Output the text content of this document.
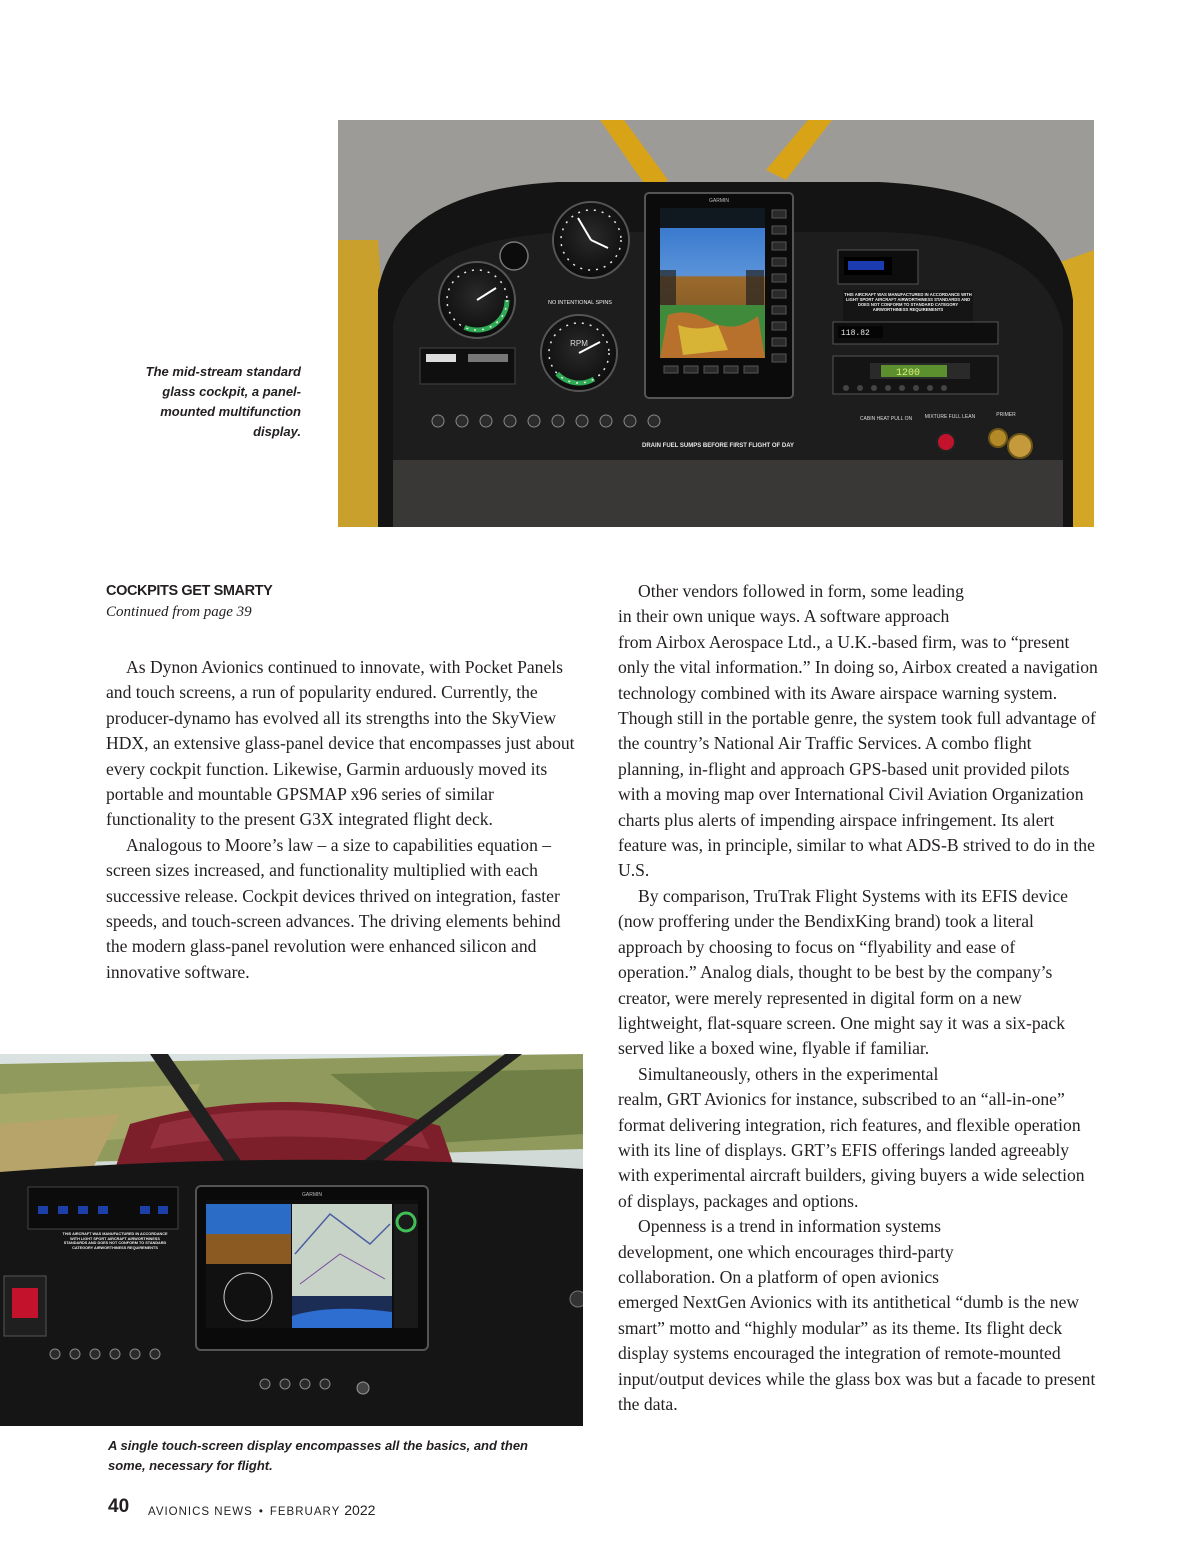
RPM
NO INTENTIONAL SPINS
GARMIN
THIS AIRCRAFT WAS MANUFACTURED IN ACCORDANCE WITH LIGHT SPORT AIRCRAFT AIRWORTHINESS STANDARDS AND DOES NOT CONFORM TO STANDARD CATEGORY AIRWORTHINESS REQUIREMENTS
118.82
1200
DRAIN FUEL SUMPS BEFORE FIRST FLIGHT OF DAY
CABIN HEAT PULL ON	MIXTURE FULL LEAN	PRIMER
The mid-stream standard glass cockpit, a panel-mounted multifunction display.
COCKPITS GET SMARTY
Continued from page 39

As Dynon Avionics continued to innovate, with Pocket Panels and touch screens, a run of popularity endured. Currently, the producer-dynamo has evolved all its strengths into the SkyView HDX, an extensive glass-panel device that encompasses just about every cockpit function. Likewise, Garmin arduously moved its portable and mountable GPSMAP x96 series of similar functionality to the present G3X integrated flight deck.

Analogous to Moore’s law – a size to capabilities equation – screen sizes increased, and functionality multiplied with each successive release. Cockpit devices thrived on integration, faster speeds, and touch-screen advances. The driving elements behind the modern glass-panel revolution were enhanced silicon and innovative software.

Other vendors followed in form, some leading
in their own unique ways. A software approach
from Airbox Aerospace Ltd., a U.K.-based firm, was to “present only the vital information.” In doing so, Airbox created a navigation technology combined with its Aware airspace warning system. Though still in the portable genre, the system took full advantage of the country’s National Air Traffic Services. A combo flight planning, in-flight and approach GPS-based unit provided pilots with a moving map over International Civil Aviation Organization charts plus alerts of impending airspace infringement. Its alert feature was, in principle, similar to what ADS-B strived to do in the U.S.

By comparison, TruTrak Flight Systems with its EFIS device (now proffering under the BendixKing brand) took a literal approach by choosing to focus on “flyability and ease of operation.” Analog dials, thought to be best by the company’s creator, were merely represented in digital form on a new lightweight, flat-square screen. One might say it was a six-pack served like a boxed wine, flyable if familiar.

Simultaneously, others in the experimental
realm, GRT Avionics for instance, subscribed to an “all-in-one” format delivering integration, rich features, and flexible operation with its line of displays. GRT’s EFIS offerings landed agreeably with experimental aircraft builders, giving buyers a wide selection of displays, packages and options.

Openness is a trend in information systems
development, one which encourages third-party
collaboration. On a platform of open avionics
emerged NextGen Avionics with its antithetical “dumb is the new smart” motto and “highly modular” as its theme. Its flight deck display systems encouraged the integration of remote-mounted input/output devices while the glass box was but a facade to present the data.

THIS AIRCRAFT WAS MANUFACTURED IN ACCORDANCE WITH LIGHT SPORT AIRCRAFT AIRWORTHINESS STANDARDS AND DOES NOT CONFORM TO STANDARD CATEGORY AIRWORTHINESS REQUIREMENTS
GARMIN
A single touch-screen display encompasses all the basics, and then some, necessary for flight.
40 AVIONICS NEWS • FEBRUARY 2022
